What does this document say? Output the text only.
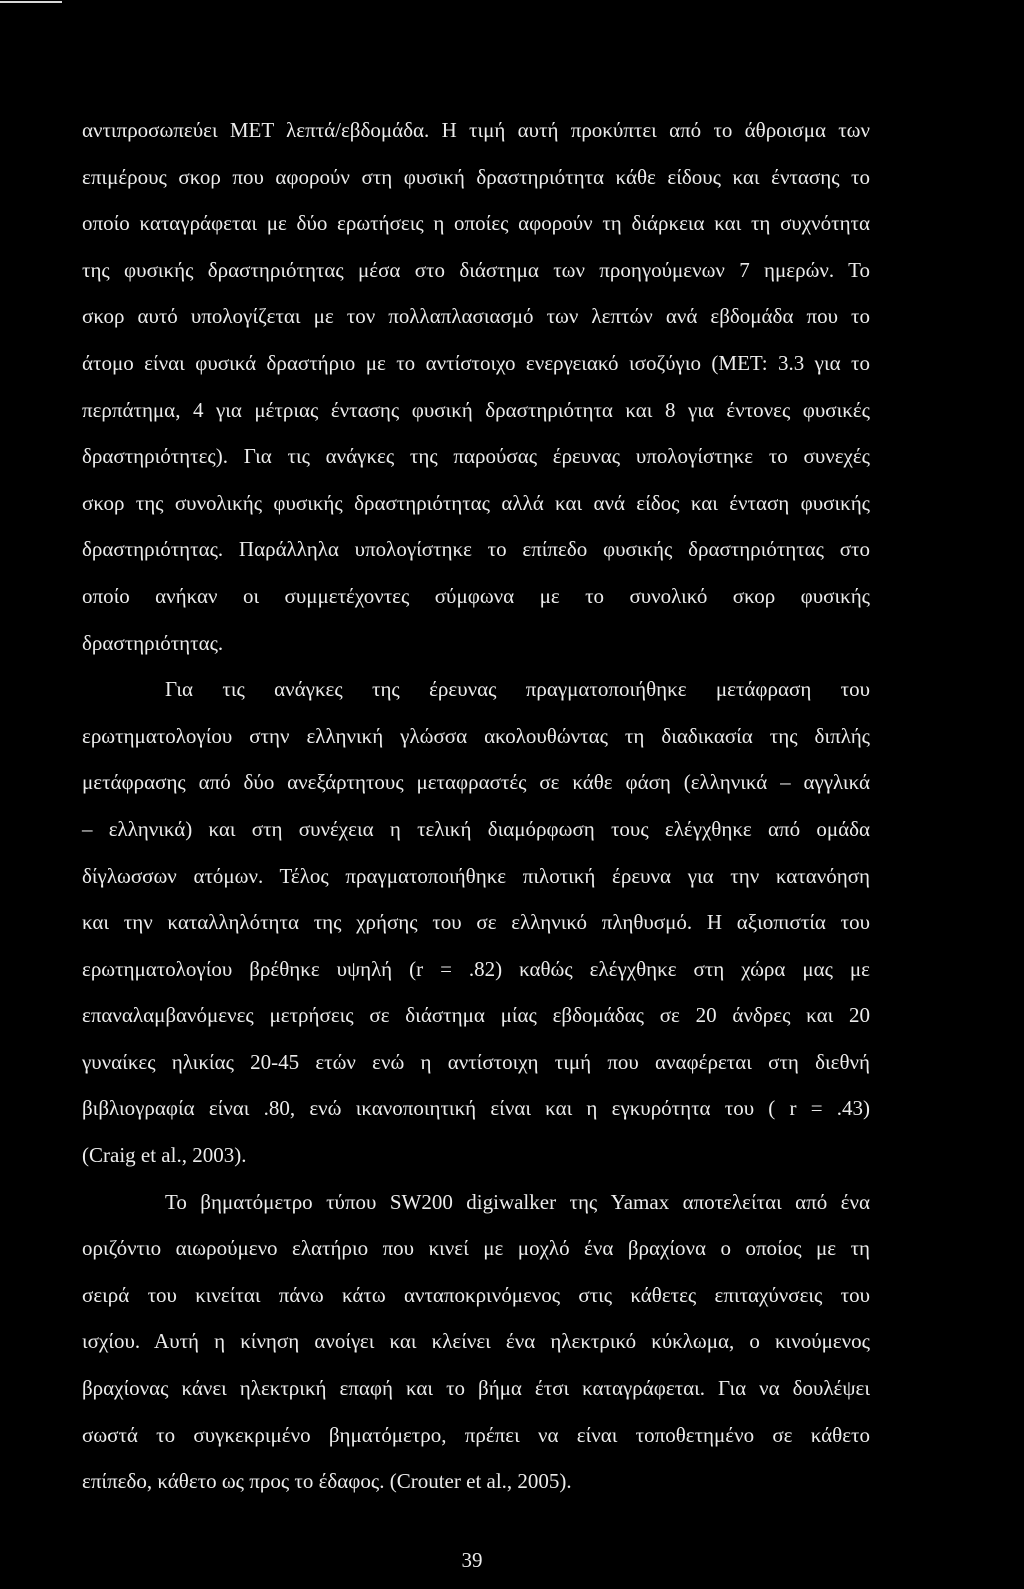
αντιπροσωπεύει MET λεπτά/εβδομάδα. Η τιμή αυτή προκύπτει από το άθροισμα των
επιμέρους σκορ που αφορούν στη φυσική δραστηριότητα κάθε είδους και έντασης το
οποίο καταγράφεται με δύο ερωτήσεις η οποίες αφορούν τη διάρκεια και τη συχνότητα
της φυσικής δραστηριότητας μέσα στο διάστημα των προηγούμενων 7 ημερών. Το
σκορ αυτό υπολογίζεται με τον πολλαπλασιασμό των λεπτών ανά εβδομάδα που το
άτομο είναι φυσικά δραστήριο με το αντίστοιχο ενεργειακό ισοζύγιο (MET: 3.3 για το
περπάτημα, 4 για μέτριας έντασης φυσική δραστηριότητα και 8 για έντονες φυσικές
δραστηριότητες). Για τις ανάγκες της παρούσας έρευνας υπολογίστηκε το συνεχές
σκορ της συνολικής φυσικής δραστηριότητας αλλά και ανά είδος και ένταση φυσικής
δραστηριότητας. Παράλληλα υπολογίστηκε το επίπεδο φυσικής δραστηριότητας στο
οποίο ανήκαν οι συμμετέχοντες σύμφωνα με το συνολικό σκορ φυσικής
δραστηριότητας.
Για τις ανάγκες της έρευνας πραγματοποιήθηκε μετάφραση του
ερωτηματολογίου στην ελληνική γλώσσα ακολουθώντας τη διαδικασία της διπλής
μετάφρασης από δύο ανεξάρτητους μεταφραστές σε κάθε φάση (ελληνικά – αγγλικά
– ελληνικά) και στη συνέχεια η τελική διαμόρφωση τους ελέγχθηκε από ομάδα
δίγλωσσων ατόμων. Τέλος πραγματοποιήθηκε πιλοτική έρευνα για την κατανόηση
και την καταλληλότητα της χρήσης του σε ελληνικό πληθυσμό. Η αξιοπιστία του
ερωτηματολογίου βρέθηκε υψηλή (r = .82) καθώς ελέγχθηκε στη χώρα μας με
επαναλαμβανόμενες μετρήσεις σε διάστημα μίας εβδομάδας σε 20 άνδρες και 20
γυναίκες ηλικίας 20-45 ετών ενώ η αντίστοιχη τιμή που αναφέρεται στη διεθνή
βιβλιογραφία είναι .80, ενώ ικανοποιητική είναι και η εγκυρότητα του ( r = .43)
(Craig et al., 2003).
Το βηματόμετρο τύπου SW200 digiwalker της Yamax αποτελείται από ένα
οριζόντιο αιωρούμενο ελατήριο που κινεί με μοχλό ένα βραχίονα ο οποίος με τη
σειρά του κινείται πάνω κάτω ανταποκρινόμενος στις κάθετες επιταχύνσεις του
ισχίου. Αυτή η κίνηση ανοίγει και κλείνει ένα ηλεκτρικό κύκλωμα, ο κινούμενος
βραχίονας κάνει ηλεκτρική επαφή και το βήμα έτσι καταγράφεται. Για να δουλέψει
σωστά το συγκεκριμένο βηματόμετρο, πρέπει να είναι τοποθετημένο σε κάθετο
επίπεδο, κάθετο ως προς το έδαφος. (Crouter et al., 2005).
39
